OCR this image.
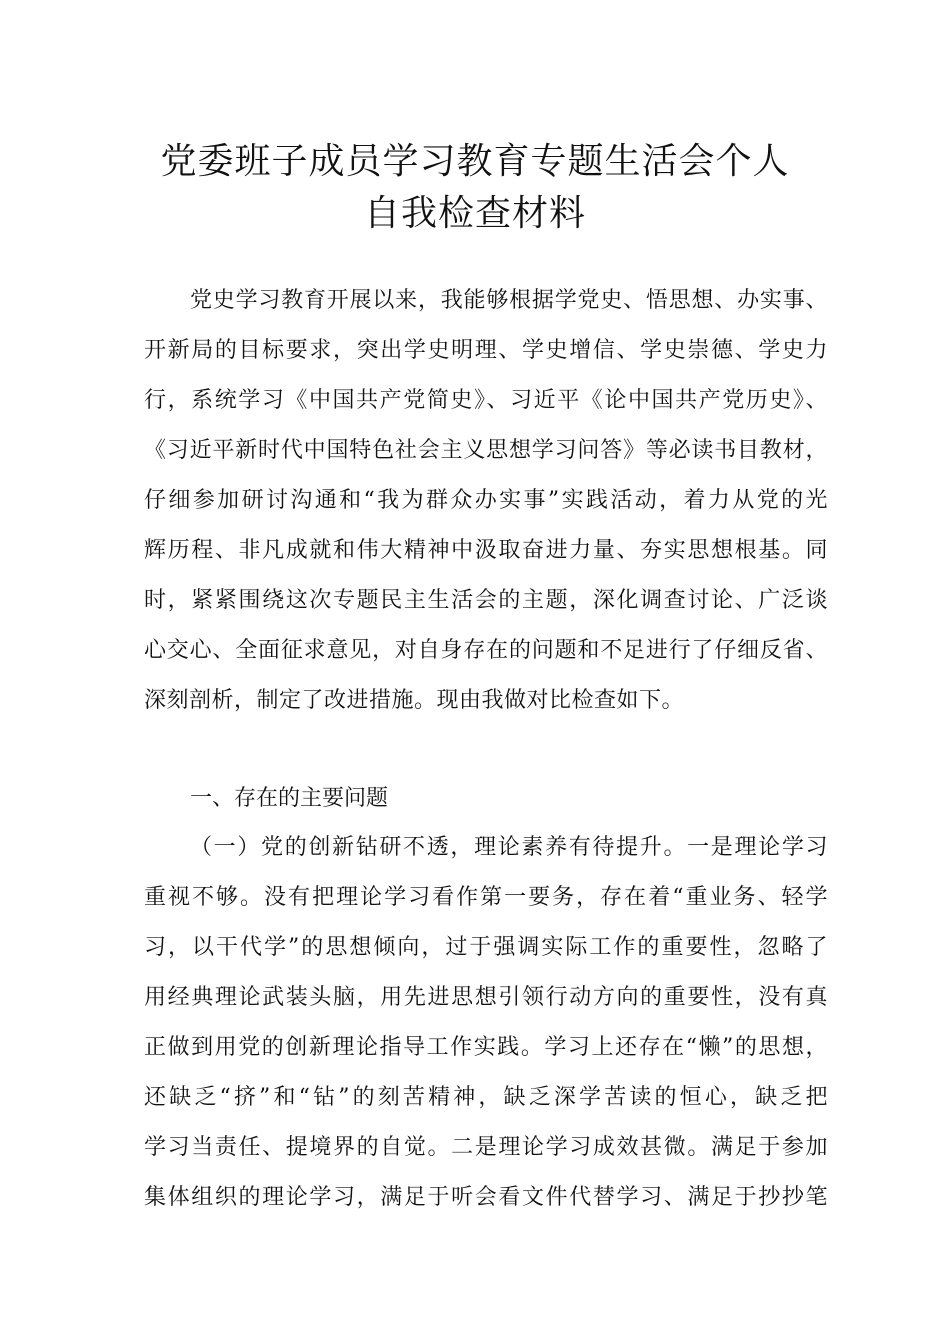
党委班子成员学习教育专题生活会个人
自我检查材料
党史学习教育开展以来，我能够根据学党史、悟思想、办实事、
开新局的目标要求，突出学史明理、学史增信、学史崇德、学史力
行，系统学习《中国共产党简史》、习近平《论中国共产党历史》、
《习近平新时代中国特色社会主义思想学习问答》等必读书目教材，
仔细参加研讨沟通和“我为群众办实事”实践活动，着力从党的光
辉历程、非凡成就和伟大精神中汲取奋进力量、夯实思想根基。同
时，紧紧围绕这次专题民主生活会的主题，深化调查讨论、广泛谈
心交心、全面征求意见，对自身存在的问题和不足进行了仔细反省、
深刻剖析，制定了改进措施。现由我做对比检查如下。
一、存在的主要问题
（一）党的创新钻研不透，理论素养有待提升。一是理论学习
重视不够。没有把理论学习看作第一要务，存在着“重业务、轻学
习，以干代学”的思想倾向，过于强调实际工作的重要性，忽略了
用经典理论武装头脑，用先进思想引领行动方向的重要性，没有真
正做到用党的创新理论指导工作实践。学习上还存在“懒”的思想，
还缺乏“挤”和“钻”的刻苦精神，缺乏深学苦读的恒心，缺乏把
学习当责任、提境界的自觉。二是理论学习成效甚微。满足于参加
集体组织的理论学习，满足于听会看文件代替学习、满足于抄抄笔
